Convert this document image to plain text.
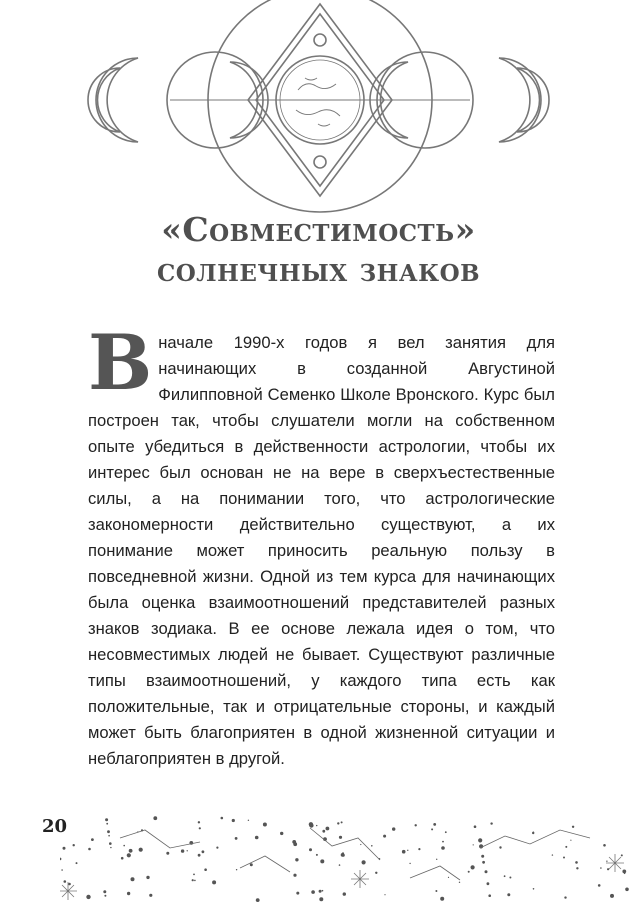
«Совместимость»
солнечных знаков
В начале 1990-х годов я вел занятия для начинающих в созданной Августиной Филипповной Семенко Школе Вронского. Курс был построен так, чтобы слушатели могли на собственном опыте убедиться в действенности астрологии, чтобы их интерес был основан не на вере в сверхъестественные силы, а на понимании того, что астрологические закономерности действительно существуют, а их понимание может приносить реальную пользу в повседневной жизни. Одной из тем курса для начинающих была оценка взаимоотношений представителей разных знаков зодиака. В ее основе лежала идея о том, что несовместимых людей не бывает. Существуют различные типы взаимоотношений, у каждого типа есть как положительные, так и отрицательные стороны, и каждый может быть благоприятен в одной жизненной ситуации и неблагоприятен в другой.
20
